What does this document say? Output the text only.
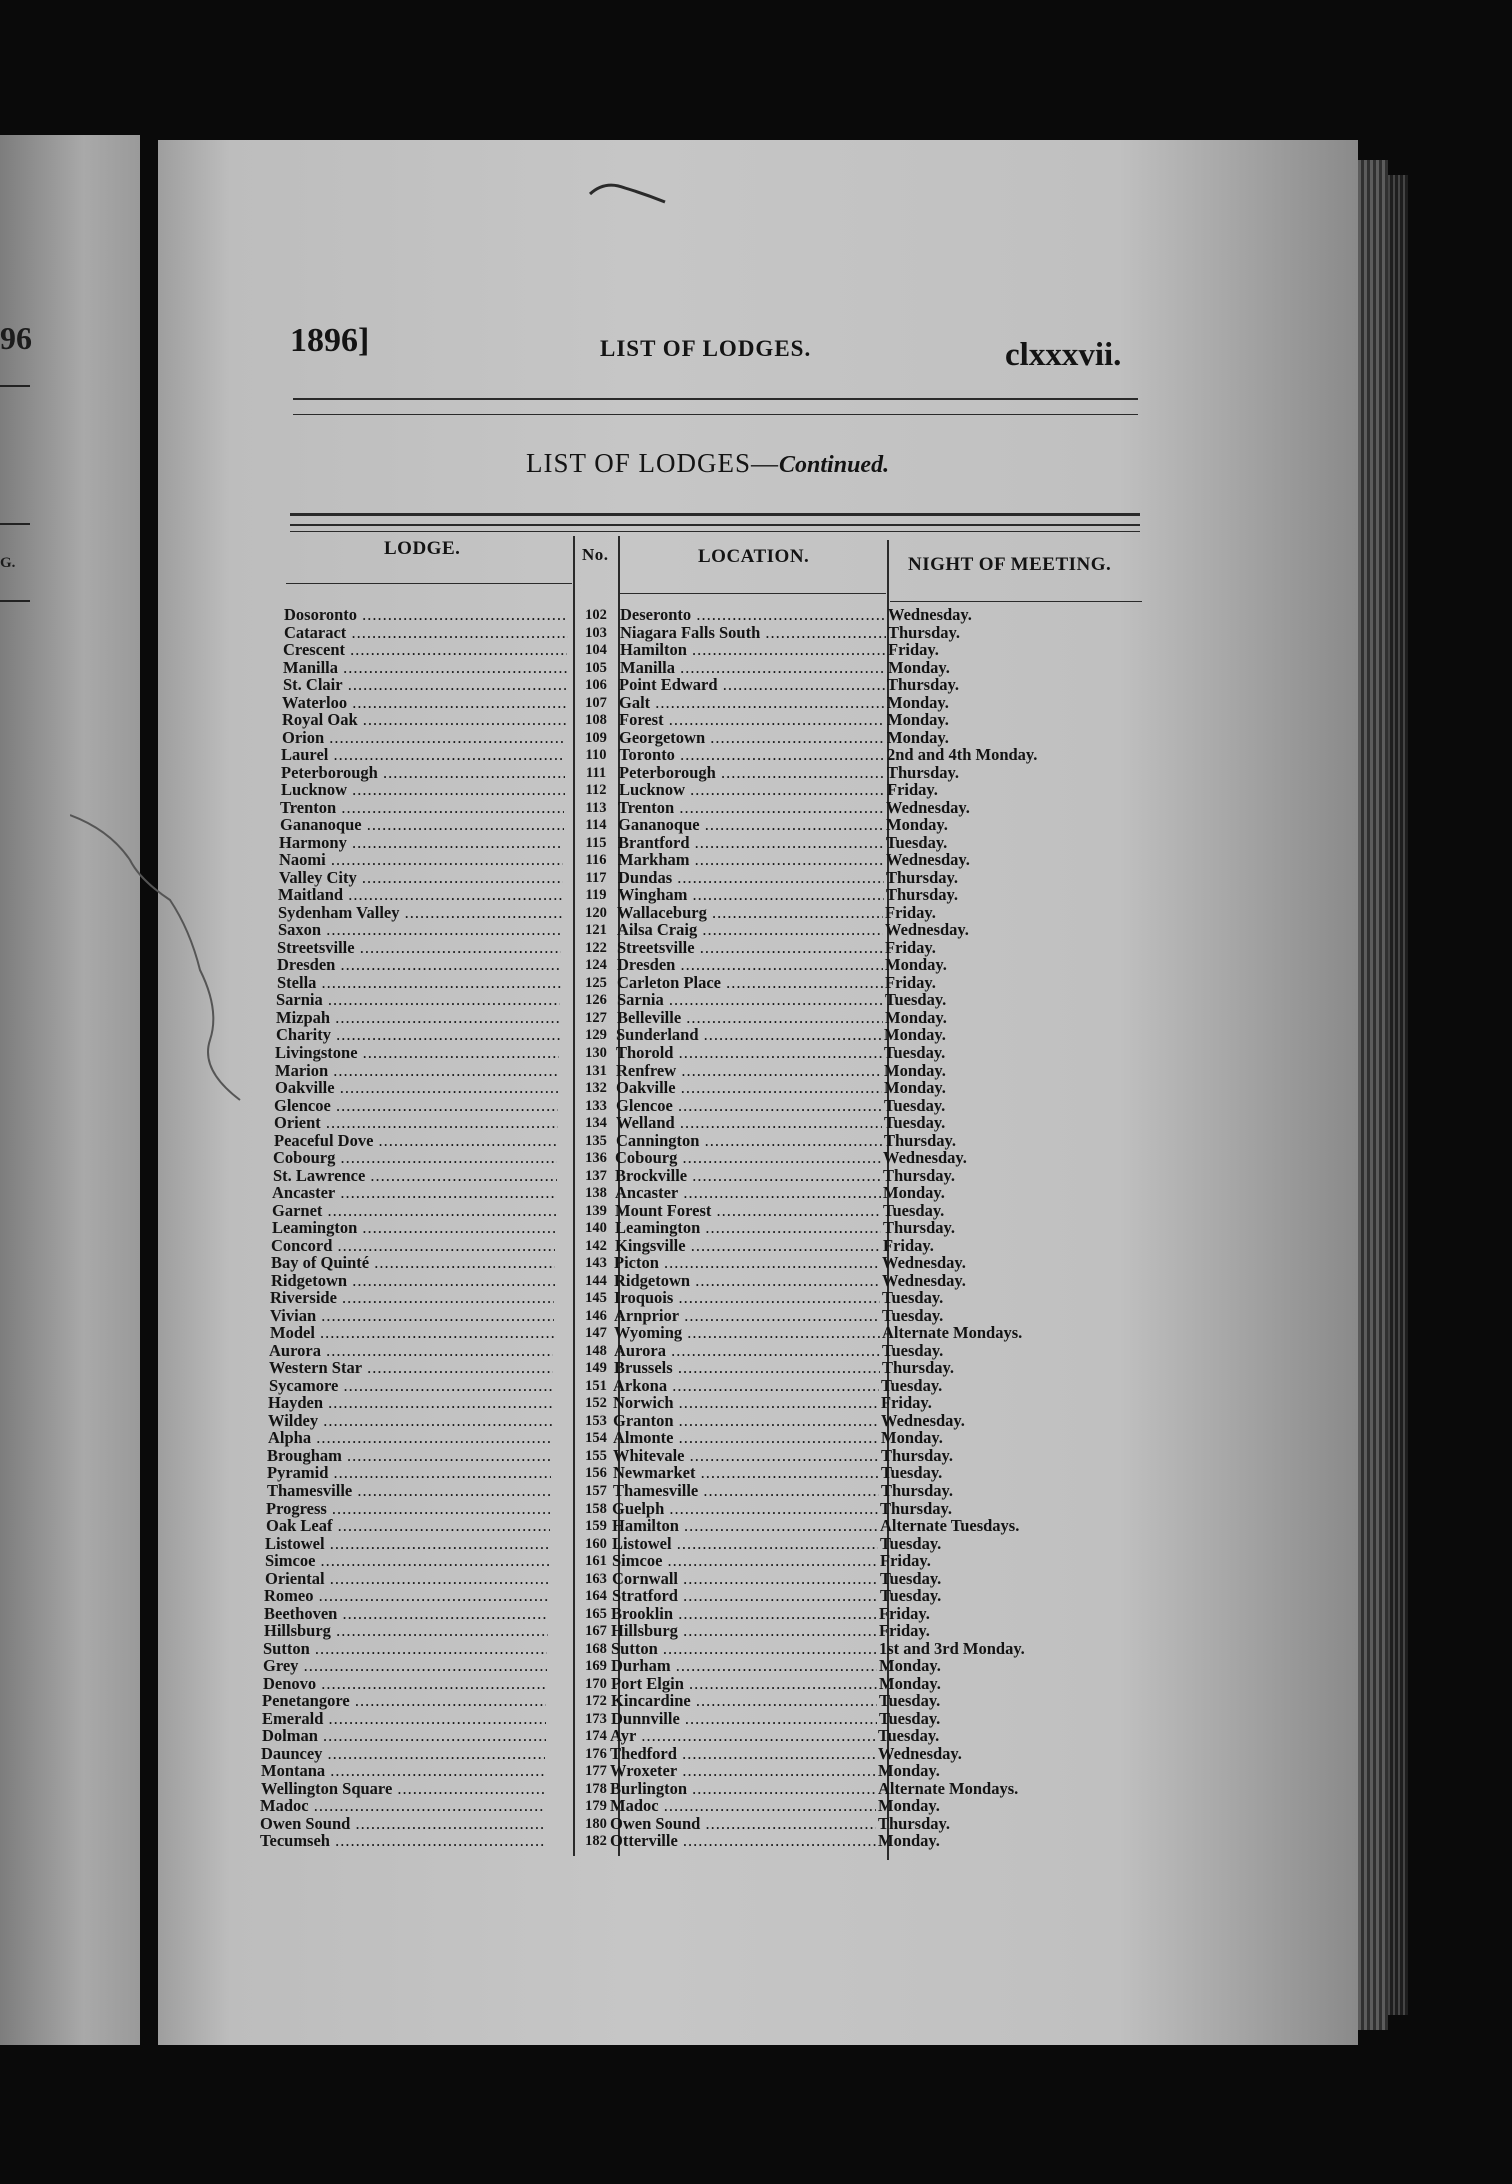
96
G.
1896]	LIST OF LODGES.	clxxxvii.
LIST OF LODGES—Continued.
LODGE.	No.	LOCATION.	NIGHT OF MEETING.
Dosoronto .....	102 Deseronto .....	Wednesday.
Cataract .....	103 Niagara Falls South .....	Thursday.
Crescent .....	104 Hamilton .....	Friday.
Manilla .....	105 Manilla .....	Monday.
St. Clair .....	106 Point Edward .....	Thursday.
Waterloo .....	107 Galt .....	Monday.
Royal Oak .....	108 Forest .....	Monday.
Orion .....	109 Georgetown .....	Monday.
Laurel .....	110 Toronto .....	2nd and 4th Monday.
Peterborough .....	111 Peterborough .....	Thursday.
Lucknow .....	112 Lucknow .....	Friday.
Trenton .....	113 Trenton .....	Wednesday.
Gananoque .....	114 Gananoque .....	Monday.
Harmony .....	115 Brantford .....	Tuesday.
Naomi .....	116 Markham .....	Wednesday.
Valley City .....	117 Dundas .....	Thursday.
Maitland .....	119 Wingham .....	Thursday.
Sydenham Valley .....	120 Wallaceburg .....	Friday.
Saxon .....	121 Ailsa Craig .....	Wednesday.
Streetsville .....	122 Streetsville .....	Friday.
Dresden .....	124 Dresden .....	Monday.
Stella .....	125 Carleton Place .....	Friday.
Sarnia .....	126 Sarnia .....	Tuesday.
Mizpah .....	127 Belleville .....	Monday.
Charity .....	129 Sunderland .....	Monday.
Livingstone .....	130 Thorold .....	Tuesday.
Marion .....	131 Renfrew .....	Monday.
Oakville .....	132 Oakville .....	Monday.
Glencoe .....	133 Glencoe .....	Tuesday.
Orient .....	134 Welland .....	Tuesday.
Peaceful Dove .....	135 Cannington .....	Thursday.
Cobourg .....	136 Cobourg .....	Wednesday.
St. Lawrence .....	137 Brockville .....	Thursday.
Ancaster .....	138 Ancaster .....	Monday.
Garnet .....	139 Mount Forest .....	Tuesday.
Leamington .....	140 Leamington .....	Thursday.
Concord .....	142 Kingsville .....	Friday.
Bay of Quinté .....	143 Picton .....	Wednesday.
Ridgetown .....	144 Ridgetown .....	Wednesday.
Riverside .....	145 Iroquois .....	Tuesday.
Vivian .....	146 Arnprior .....	Tuesday.
Model .....	147 Wyoming .....	Alternate Mondays.
Aurora .....	148 Aurora .....	Tuesday.
Western Star .....	149 Brussels .....	Thursday.
Sycamore .....	151 Arkona .....	Tuesday.
Hayden .....	152 Norwich .....	Friday.
Wildey .....	153 Granton .....	Wednesday.
Alpha .....	154 Almonte .....	Monday.
Brougham .....	155 Whitevale .....	Thursday.
Pyramid .....	156 Newmarket .....	Tuesday.
Thamesville .....	157 Thamesville .....	Thursday.
Progress .....	158 Guelph .....	Thursday.
Oak Leaf .....	159 Hamilton .....	Alternate Tuesdays.
Listowel .....	160 Listowel .....	Tuesday.
Simcoe .....	161 Simcoe .....	Friday.
Oriental .....	163 Cornwall .....	Tuesday.
Romeo .....	164 Stratford .....	Tuesday.
Beethoven .....	165 Brooklin .....	Friday.
Hillsburg .....	167 Hillsburg .....	Friday.
Sutton .....	168 Sutton .....	1st and 3rd Monday.
Grey .....	169 Durham .....	Monday.
Denovo .....	170 Port Elgin .....	Monday.
Penetangore .....	172 Kincardine .....	Tuesday.
Emerald .....	173 Dunnville .....	Tuesday.
Dolman .....	174 Ayr .....	Tuesday.
Dauncey .....	176 Thedford .....	Wednesday.
Montana .....	177 Wroxeter .....	Monday.
Wellington Square .....	178 Burlington .....	Alternate Mondays.
Madoc .....	179 Madoc .....	Monday.
Owen Sound .....	180 Owen Sound .....	Thursday.
Tecumseh .....	182 Otterville .....	Monday.
